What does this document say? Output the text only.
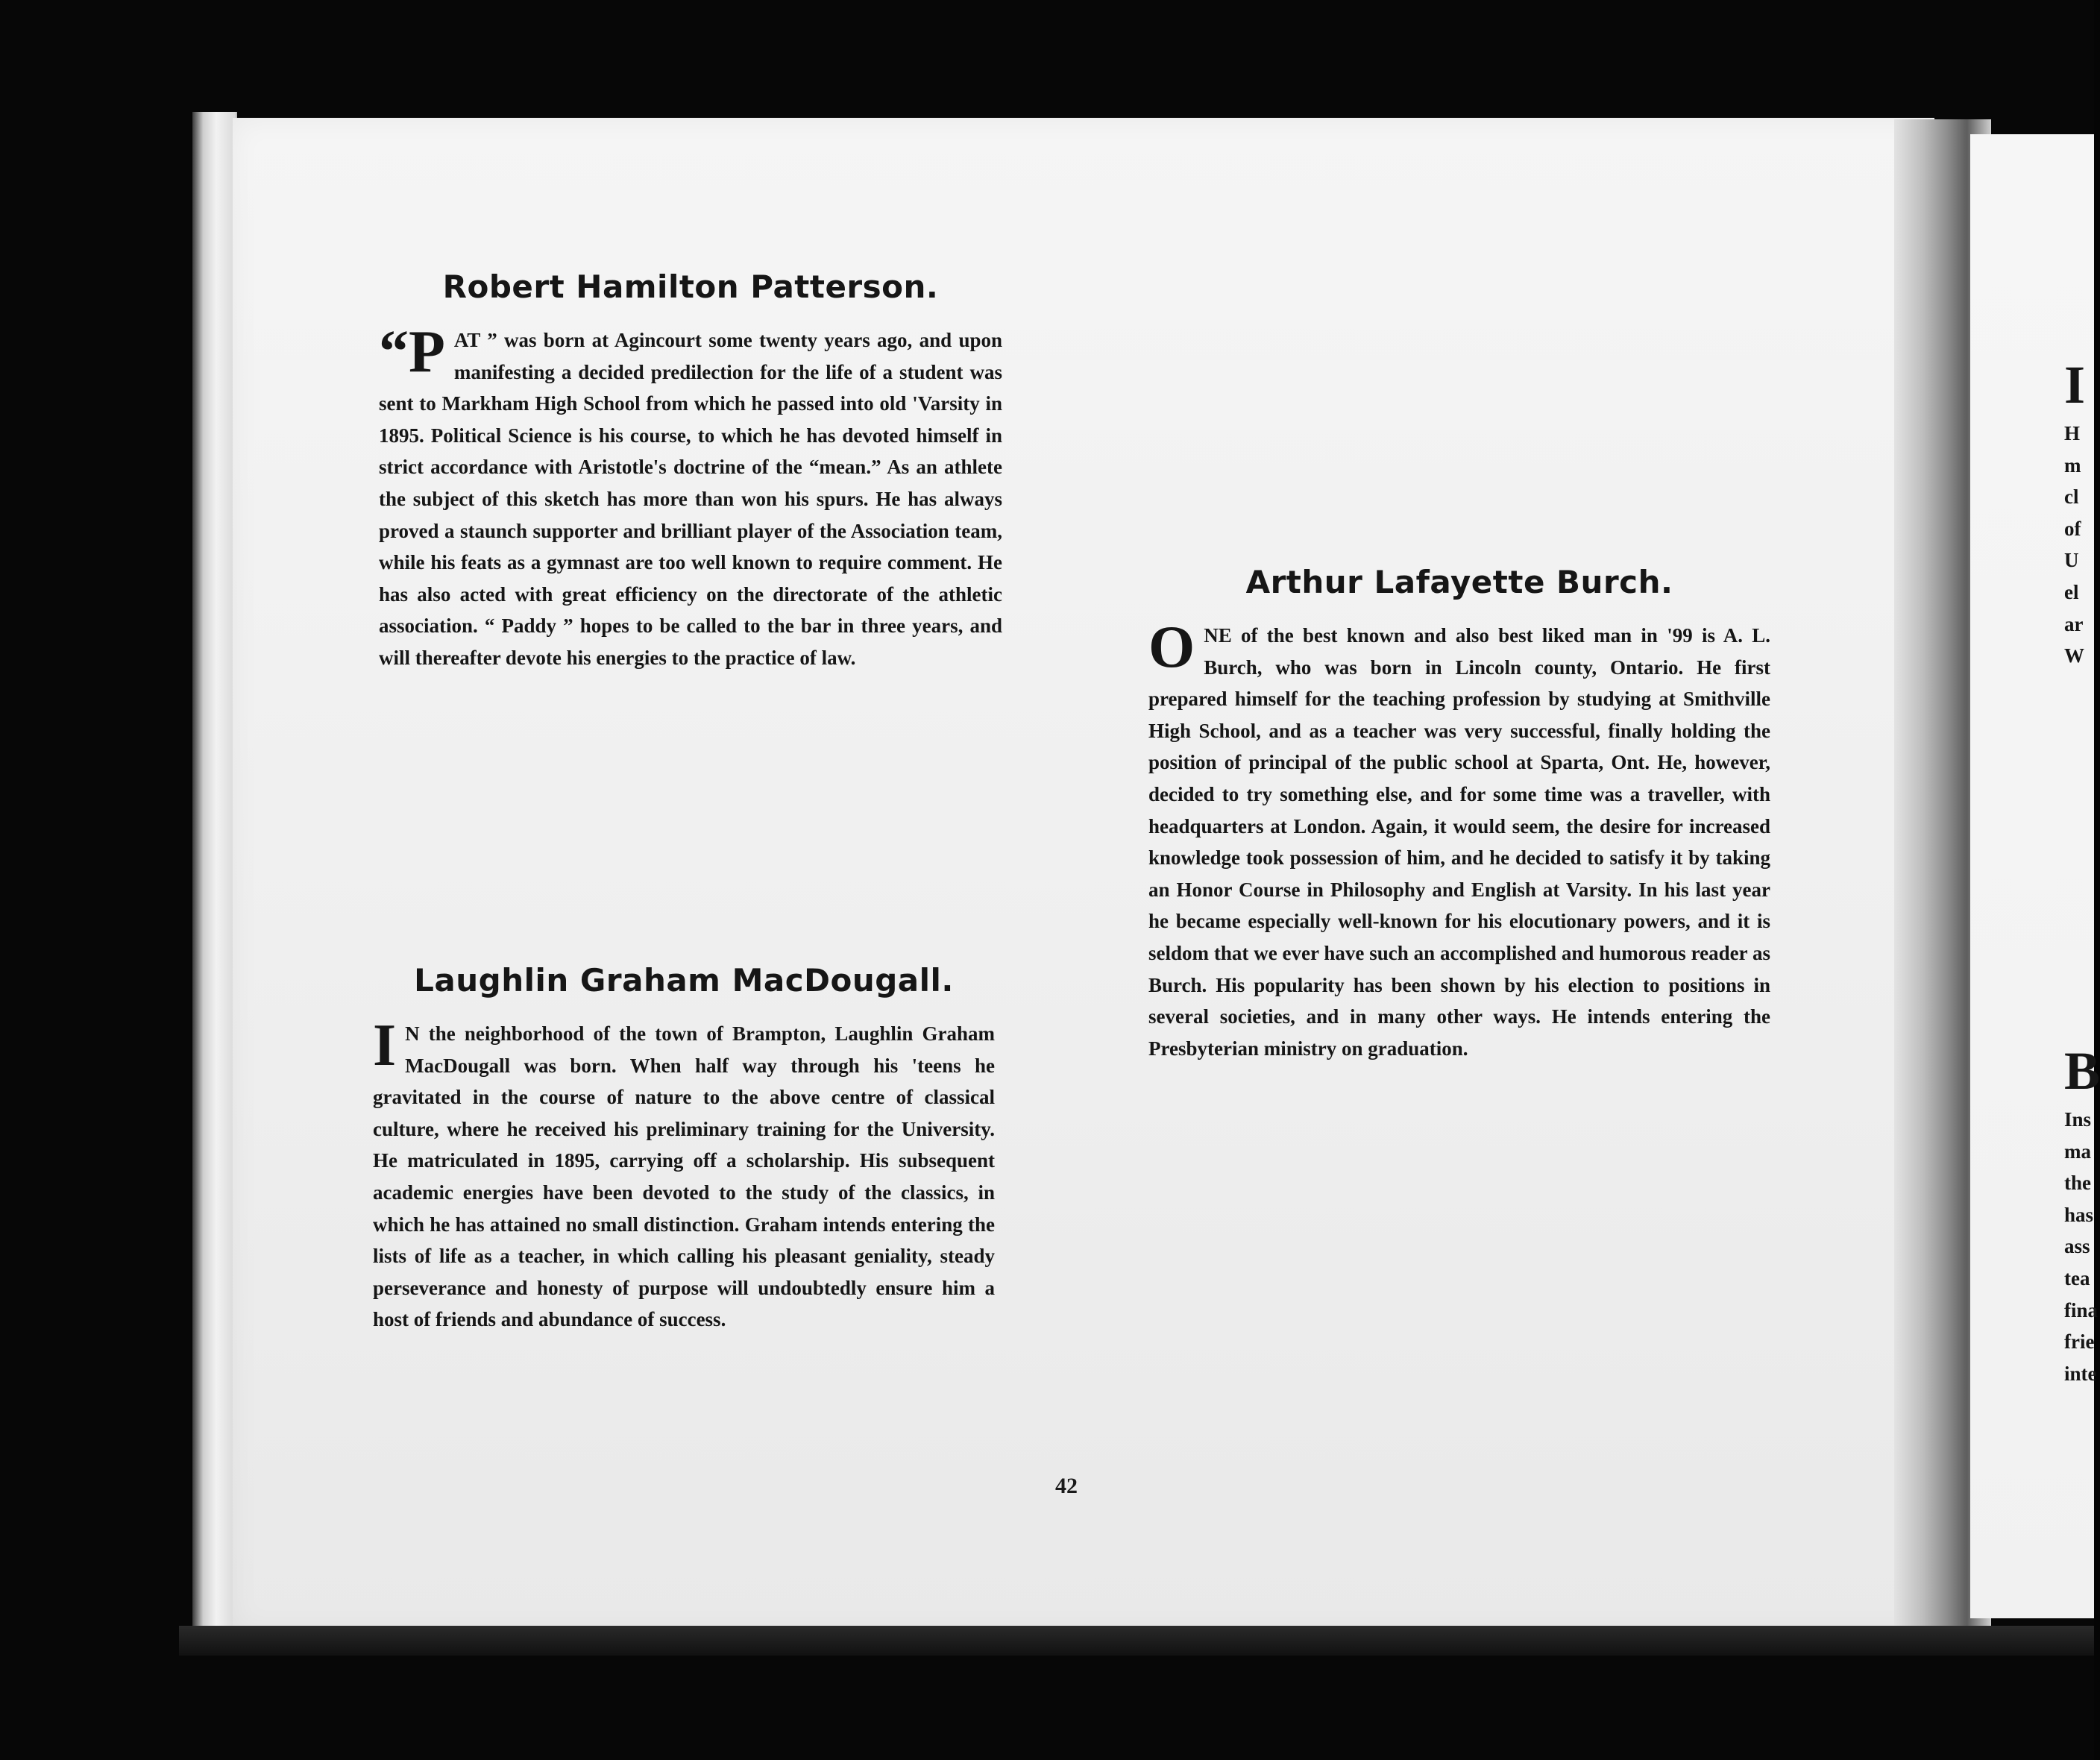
Robert Hamilton Patterson.

“P AT ” was born at Agincourt some twenty years ago, and upon manifesting a decided predilection for the life of a student was sent to Markham High School from which he passed into old 'Varsity in 1895. Political Science is his course, to which he has devoted himself in strict accordance with Aristotle's doctrine of the “mean.” As an athlete the subject of this sketch has more than won his spurs. He has always proved a staunch supporter and brilliant player of the Association team, while his feats as a gymnast are too well known to require comment. He has also acted with great efficiency on the directorate of the athletic association. “ Paddy ” hopes to be called to the bar in three years, and will thereafter devote his energies to the practice of law.

Laughlin Graham MacDougall.

I N the neighborhood of the town of Brampton, Laughlin Graham MacDougall was born. When half way through his 'teens he gravitated in the course of nature to the above centre of classical culture, where he received his preliminary training for the University. He matriculated in 1895, carrying off a scholarship. His subsequent academic energies have been devoted to the study of the classics, in which he has attained no small distinction. Graham intends entering the lists of life as a teacher, in which calling his pleasant geniality, steady perseverance and honesty of purpose will undoubtedly ensure him a host of friends and abundance of success.

Arthur Lafayette Burch.

O NE of the best known and also best liked man in '99 is A. L. Burch, who was born in Lincoln county, Ontario. He first prepared himself for the teaching profession by studying at Smithville High School, and as a teacher was very successful, finally holding the position of principal of the public school at Sparta, Ont. He, however, decided to try something else, and for some time was a traveller, with headquarters at London. Again, it would seem, the desire for increased knowledge took possession of him, and he decided to satisfy it by taking an Honor Course in Philosophy and English at Varsity. In his last year he became especially well-known for his elocutionary powers, and it is seldom that we ever have such an accomplished and humorous reader as Burch. His popularity has been shown by his election to positions in several societies, and in many other ways. He intends entering the Presbyterian ministry on graduation.

42
I
H
m
cl
of
U
el
ar
W
B
Ins
ma
the
has
ass
tea
fina
frie
inte
